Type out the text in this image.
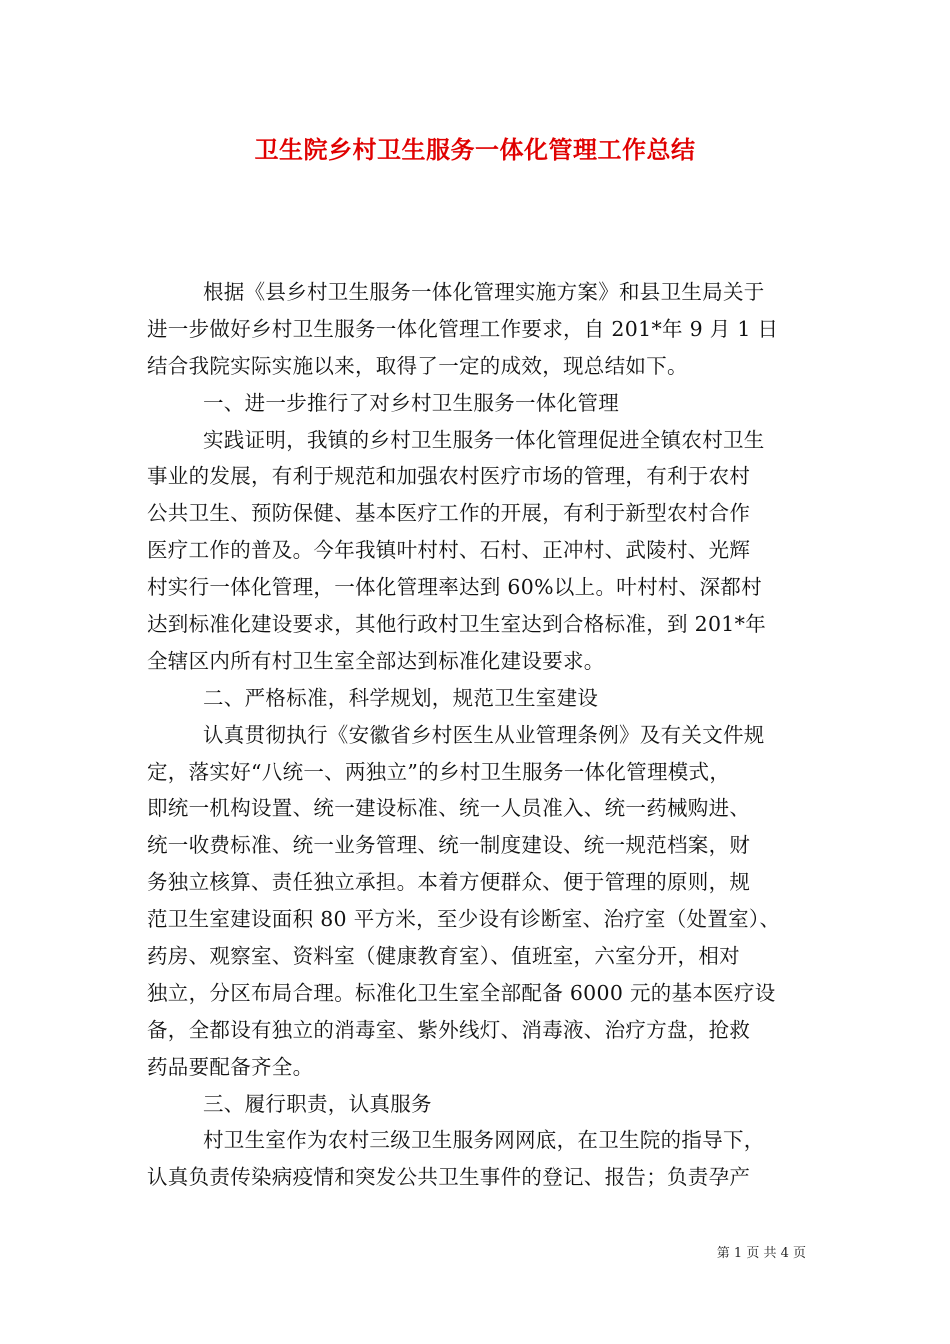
卫生院乡村卫生服务一体化管理工作总结
根据《县乡村卫生服务一体化管理实施方案》和县卫生局关于
进一步做好乡村卫生服务一体化管理工作要求，自 201*年 9 月 1 日
结合我院实际实施以来，取得了一定的成效，现总结如下。
一、进一步推行了对乡村卫生服务一体化管理
实践证明，我镇的乡村卫生服务一体化管理促进全镇农村卫生
事业的发展，有利于规范和加强农村医疗市场的管理，有利于农村
公共卫生、预防保健、基本医疗工作的开展，有利于新型农村合作
医疗工作的普及。今年我镇叶村村、石村、正冲村、武陵村、光辉
村实行一体化管理，一体化管理率达到 60%以上。叶村村、深都村
达到标准化建设要求，其他行政村卫生室达到合格标准，到 201*年
全辖区内所有村卫生室全部达到标准化建设要求。
二、严格标准，科学规划，规范卫生室建设
认真贯彻执行《安徽省乡村医生从业管理条例》及有关文件规
定，落实好“八统一、两独立”的乡村卫生服务一体化管理模式，
即统一机构设置、统一建设标准、统一人员准入、统一药械购进、
统一收费标准、统一业务管理、统一制度建设、统一规范档案，财
务独立核算、责任独立承担。本着方便群众、便于管理的原则，规
范卫生室建设面积 80 平方米，至少设有诊断室、治疗室（处置室）、
药房、观察室、资料室（健康教育室）、值班室，六室分开，相对
独立，分区布局合理。标准化卫生室全部配备 6000 元的基本医疗设
备，全都设有独立的消毒室、紫外线灯、消毒液、治疗方盘，抢救
药品要配备齐全。
三、履行职责，认真服务
村卫生室作为农村三级卫生服务网网底，在卫生院的指导下，
认真负责传染病疫情和突发公共卫生事件的登记、报告；负责孕产
第 1 页 共 4 页
